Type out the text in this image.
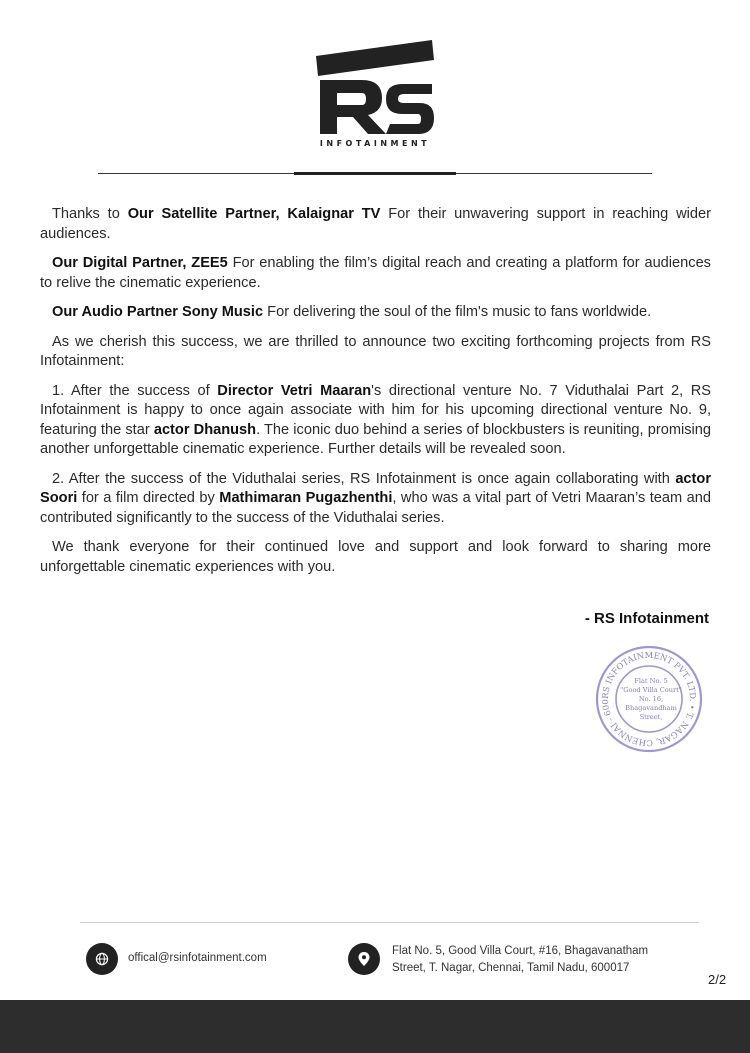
INFOTAINMENT

Thanks to Our Satellite Partner, Kalaignar TV For their unwavering support in reaching wider audiences.

Our Digital Partner, ZEE5 For enabling the film’s digital reach and creating a platform for audiences to relive the cinematic experience.

Our Audio Partner Sony Music For delivering the soul of the film's music to fans worldwide.

As we cherish this success, we are thrilled to announce two exciting forthcoming projects from RS Infotainment:

1. After the success of Director Vetri Maaran's directional venture No. 7 Viduthalai Part 2, RS Infotainment is happy to once again associate with him for his upcoming directional venture No. 9, featuring the star actor Dhanush. The iconic duo behind a series of blockbusters is reuniting, promising another unforgettable cinematic experience. Further details will be revealed soon.

2. After the success of the Viduthalai series, RS Infotainment is once again collaborating with actor Soori for a film directed by Mathimaran Pugazhenthi, who was a vital part of Vetri Maaran’s team and contributed significantly to the success of the Viduthalai series.

We thank everyone for their continued love and support and look forward to sharing more unforgettable cinematic experiences with you.

- RS Infotainment
RS INFOTAINMENT PVT. LTD. • T. NAGAR, CHENNAI - 600
Flat No. 5
"Good Villa Court"
No. 16,
Bhagavandham
Street,
offical@rsinfotainment.com
Flat No. 5, Good Villa Court, #16, Bhagavanatham
Street, T. Nagar, Chennai, Tamil Nadu, 600017
2/2
